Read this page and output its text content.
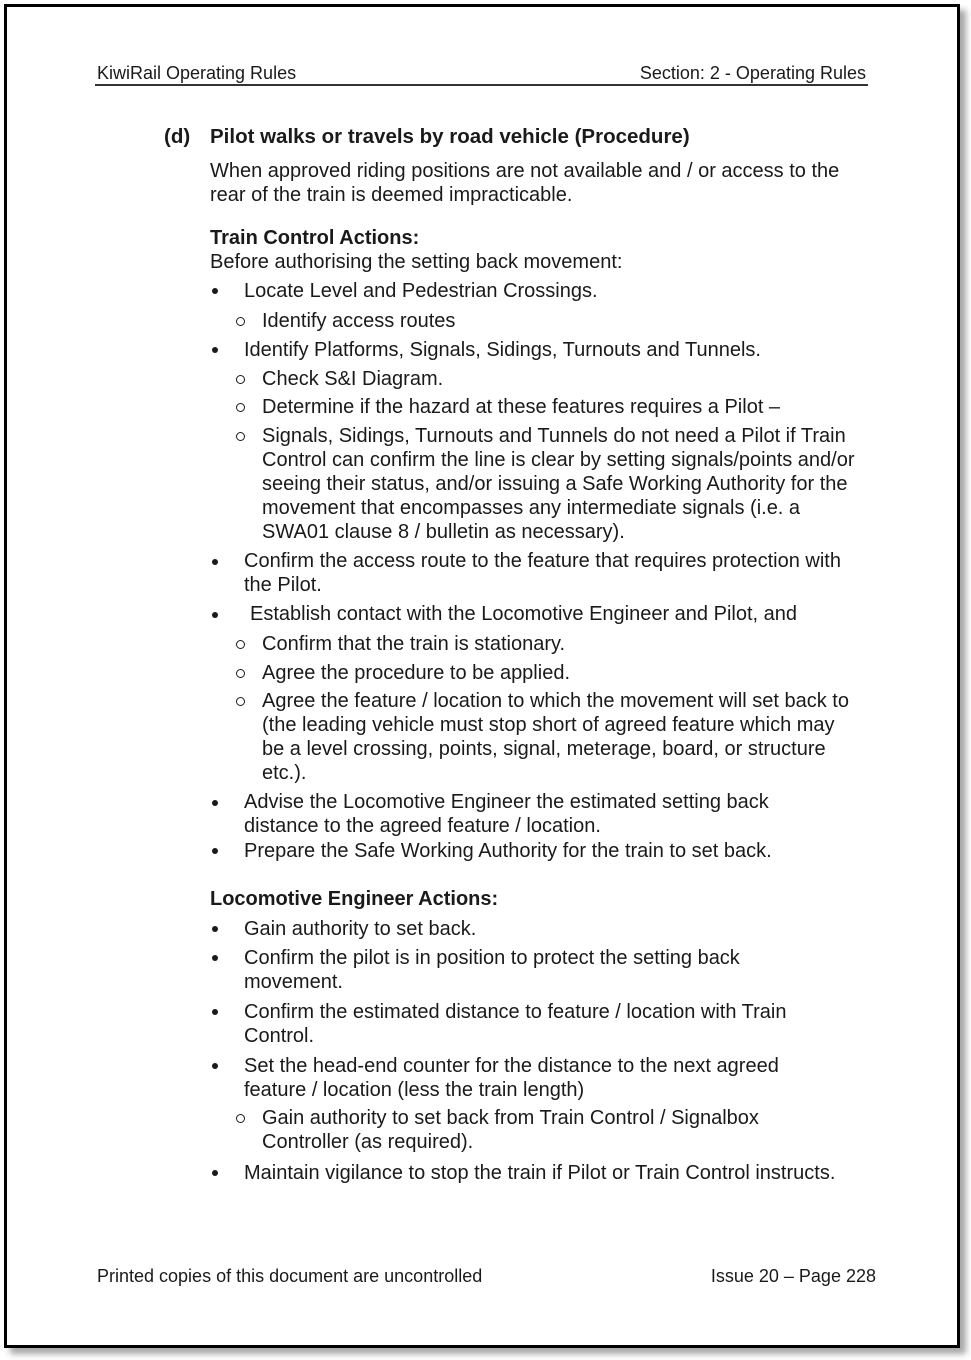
KiwiRail Operating Rules	Section: 2 - Operating Rules
(d) Pilot walks or travels by road vehicle (Procedure)
When approved riding positions are not available and / or access to the rear of the train is deemed impracticable.
Train Control Actions:
Before authorising the setting back movement:
Locate Level and Pedestrian Crossings.
Identify access routes
Identify Platforms, Signals, Sidings, Turnouts and Tunnels.
Check S&I Diagram.
Determine if the hazard at these features requires a Pilot –
Signals, Sidings, Turnouts and Tunnels do not need a Pilot if Train Control can confirm the line is clear by setting signals/points and/or seeing their status, and/or issuing a Safe Working Authority for the movement that encompasses any intermediate signals (i.e. a SWA01 clause 8 / bulletin as necessary).
Confirm the access route to the feature that requires protection with the Pilot.
Establish contact with the Locomotive Engineer and Pilot, and
Confirm that the train is stationary.
Agree the procedure to be applied.
Agree the feature / location to which the movement will set back to (the leading vehicle must stop short of agreed feature which may be a level crossing, points, signal, meterage, board, or structure etc.).
Advise the Locomotive Engineer the estimated setting back distance to the agreed feature / location.
Prepare the Safe Working Authority for the train to set back.
Locomotive Engineer Actions:
Gain authority to set back.
Confirm the pilot is in position to protect the setting back movement.
Confirm the estimated distance to feature / location with Train Control.
Set the head-end counter for the distance to the next agreed feature / location (less the train length)
Gain authority to set back from Train Control / Signalbox Controller (as required).
Maintain vigilance to stop the train if Pilot or Train Control instructs.
Printed copies of this document are uncontrolled	Issue 20 – Page 228
